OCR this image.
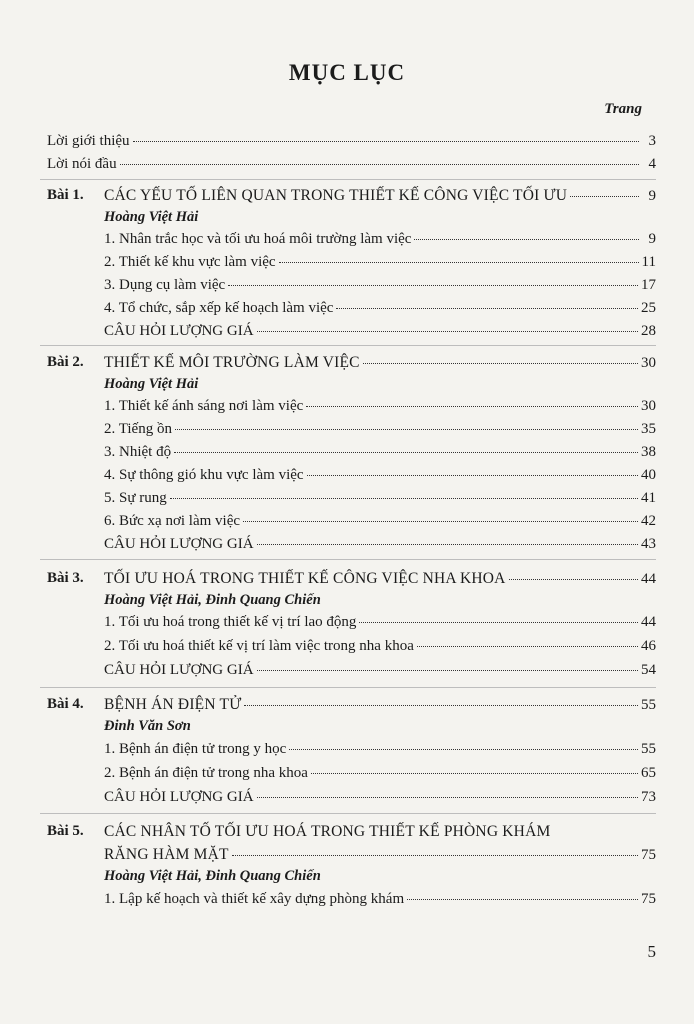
MỤC LỤC
Trang
Lời giới thiệu	3
Lời nói đầu	4
Bài 1. CÁC YẾU TỐ LIÊN QUAN TRONG THIẾT KẾ CÔNG VIỆC TỐI ƯU	9
Hoàng Việt Hải
1. Nhân trắc học và tối ưu hoá môi trường làm việc	9
2. Thiết kế khu vực làm việc	11
3. Dụng cụ làm việc	17
4. Tổ chức, sắp xếp kế hoạch làm việc	25
CÂU HỎI LƯỢNG GIÁ	28
Bài 2. THIẾT KẾ MÔI TRƯỜNG LÀM VIỆC	30
Hoàng Việt Hải
1. Thiết kế ánh sáng nơi làm việc	30
2. Tiếng ồn	35
3. Nhiệt độ	38
4. Sự thông gió khu vực làm việc	40
5. Sự rung	41
6. Bức xạ nơi làm việc	42
CÂU HỎI LƯỢNG GIÁ	43
Bài 3. TỐI ƯU HOÁ TRONG THIẾT KẾ CÔNG VIỆC NHA KHOA	44
Hoàng Việt Hải, Đinh Quang Chiến
1. Tối ưu hoá trong thiết kế vị trí lao động	44
2. Tối ưu hoá thiết kế vị trí làm việc trong nha khoa	46
CÂU HỎI LƯỢNG GIÁ	54
Bài 4. BỆNH ÁN ĐIỆN TỬ	55
Đinh Văn Sơn
1. Bệnh án điện tử trong y học	55
2. Bệnh án điện tử trong nha khoa	65
CÂU HỎI LƯỢNG GIÁ	73
Bài 5. CÁC NHÂN TỐ TỐI ƯU HOÁ TRONG THIẾT KẾ PHÒNG KHÁM
RĂNG HÀM MẶT	75
Hoàng Việt Hải, Đinh Quang Chiến
1. Lập kế hoạch và thiết kế xây dựng phòng khám	75
5
